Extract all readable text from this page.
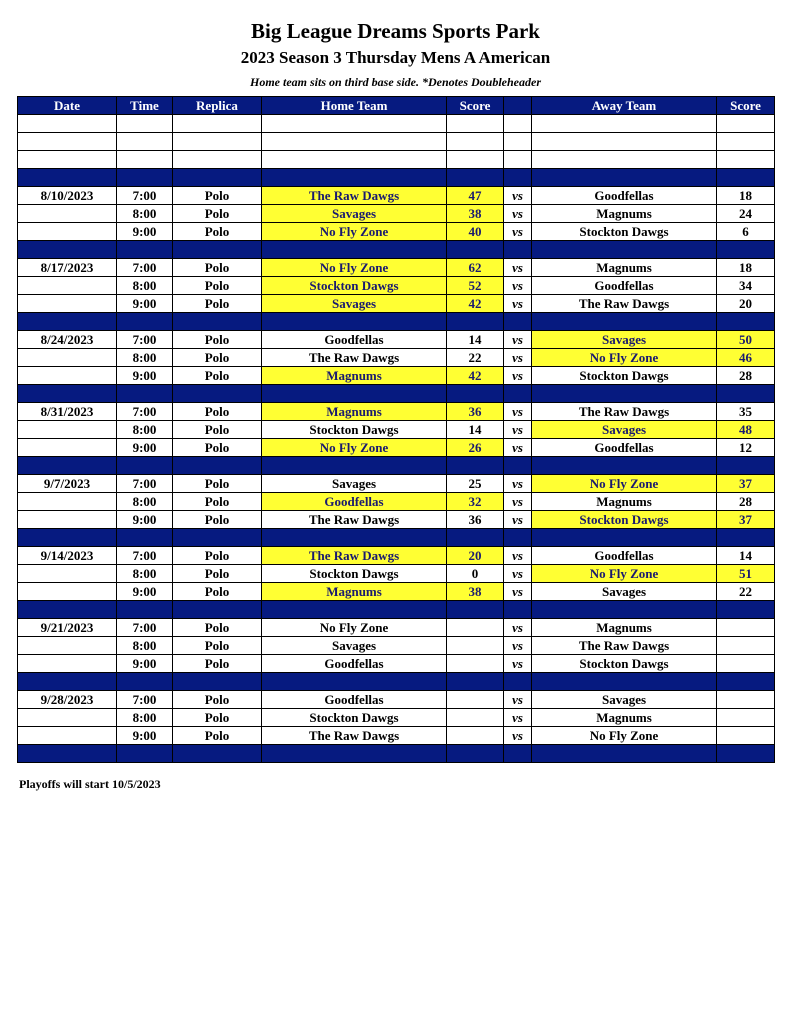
Big League Dreams Sports Park
2023 Season 3 Thursday Mens A American
Home team sits on third base side. *Denotes Doubleheader
Date	Time	Replica	Home Team	Score		Away Team	Score

8/10/2023	7:00	Polo	The Raw Dawgs	47	vs	Goodfellas	18
	8:00	Polo	Savages	38	vs	Magnums	24
	9:00	Polo	No Fly Zone	40	vs	Stockton Dawgs	6

8/17/2023	7:00	Polo	No Fly Zone	62	vs	Magnums	18
	8:00	Polo	Stockton Dawgs	52	vs	Goodfellas	34
	9:00	Polo	Savages	42	vs	The Raw Dawgs	20

8/24/2023	7:00	Polo	Goodfellas	14	vs	Savages	50
	8:00	Polo	The Raw Dawgs	22	vs	No Fly Zone	46
	9:00	Polo	Magnums	42	vs	Stockton Dawgs	28

8/31/2023	7:00	Polo	Magnums	36	vs	The Raw Dawgs	35
	8:00	Polo	Stockton Dawgs	14	vs	Savages	48
	9:00	Polo	No Fly Zone	26	vs	Goodfellas	12

9/7/2023	7:00	Polo	Savages	25	vs	No Fly Zone	37
	8:00	Polo	Goodfellas	32	vs	Magnums	28
	9:00	Polo	The Raw Dawgs	36	vs	Stockton Dawgs	37

9/14/2023	7:00	Polo	The Raw Dawgs	20	vs	Goodfellas	14
	8:00	Polo	Stockton Dawgs	0	vs	No Fly Zone	51
	9:00	Polo	Magnums	38	vs	Savages	22

9/21/2023	7:00	Polo	No Fly Zone		vs	Magnums	
	8:00	Polo	Savages		vs	The Raw Dawgs	
	9:00	Polo	Goodfellas		vs	Stockton Dawgs	

9/28/2023	7:00	Polo	Goodfellas		vs	Savages	
	8:00	Polo	Stockton Dawgs		vs	Magnums	
	9:00	Polo	The Raw Dawgs		vs	No Fly Zone	

Playoffs will start 10/5/2023
